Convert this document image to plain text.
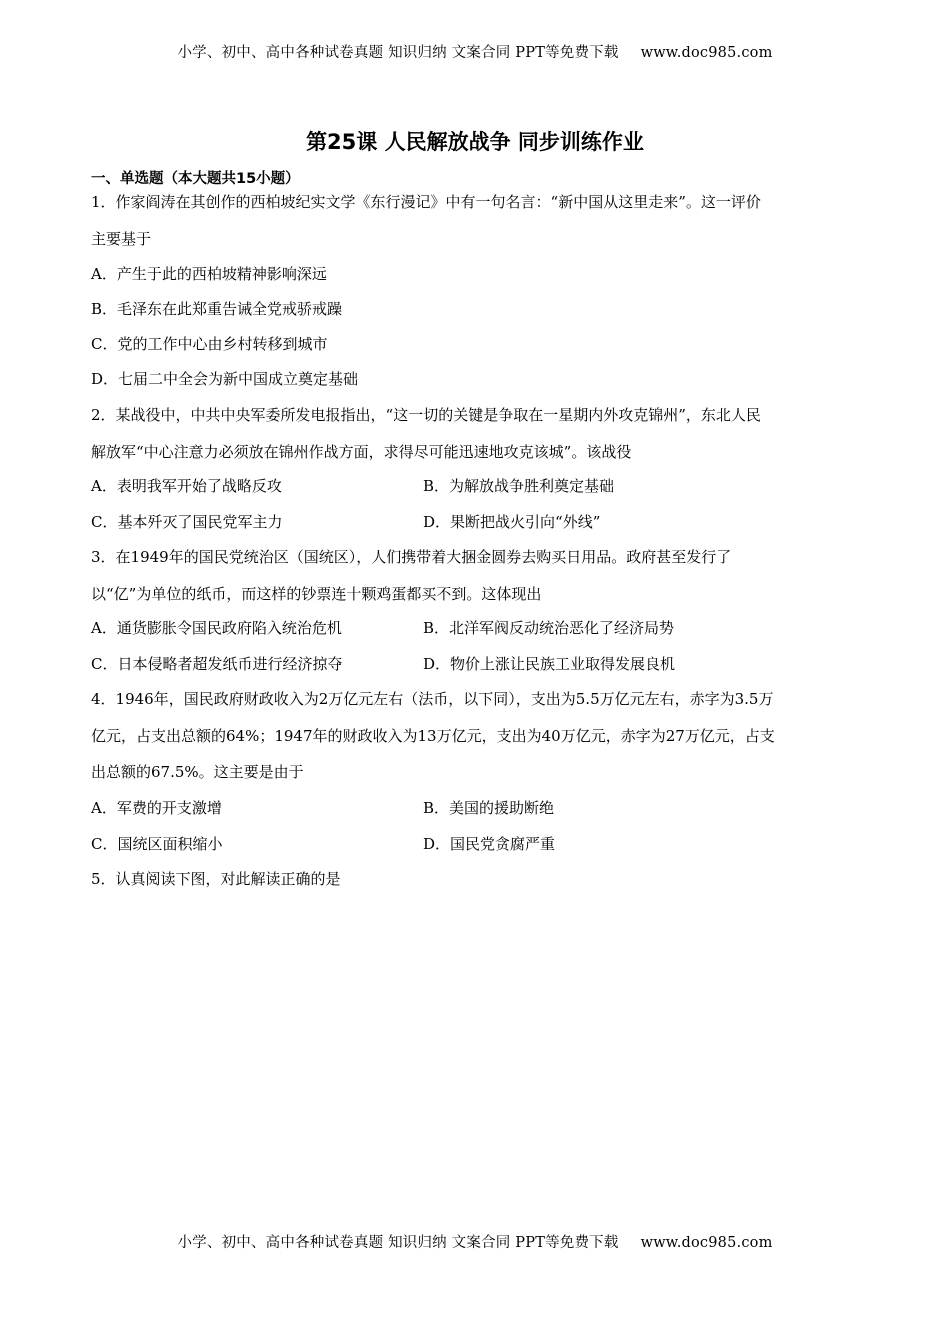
小学、初中、高中各种试卷真题 知识归纳 文案合同 PPT等免费下载 www.doc985.com
第25课 人民解放战争 同步训练作业
一、单选题（本大题共15小题）
1．作家阎涛在其创作的西柏坡纪实文学《东行漫记》中有一句名言：“新中国从这里走来”。这一评价
主要基于
A．产生于此的西柏坡精神影响深远
B．毛泽东在此郑重告诫全党戒骄戒躁
C．党的工作中心由乡村转移到城市
D．七届二中全会为新中国成立奠定基础
2．某战役中，中共中央军委所发电报指出，“这一切的关键是争取在一星期内外攻克锦州”，东北人民
解放军“中心注意力必须放在锦州作战方面，求得尽可能迅速地攻克该城”。该战役
A．表明我军开始了战略反攻	B．为解放战争胜利奠定基础
C．基本歼灭了国民党军主力	D．果断把战火引向“外线”
3．在1949年的国民党统治区（国统区），人们携带着大捆金圆券去购买日用品。政府甚至发行了
以“亿”为单位的纸币，而这样的钞票连十颗鸡蛋都买不到。这体现出
A．通货膨胀令国民政府陷入统治危机	B．北洋军阀反动统治恶化了经济局势
C．日本侵略者超发纸币进行经济掠夺	D．物价上涨让民族工业取得发展良机
4．1946年，国民政府财政收入为2万亿元左右（法币，以下同），支出为5.5万亿元左右，赤字为3.5万
亿元，占支出总额的64%；1947年的财政收入为13万亿元，支出为40万亿元，赤字为27万亿元，占支
出总额的67.5%。这主要是由于
A．军费的开支激增	B．美国的援助断绝
C．国统区面积缩小	D．国民党贪腐严重
5．认真阅读下图，对此解读正确的是
小学、初中、高中各种试卷真题 知识归纳 文案合同 PPT等免费下载 www.doc985.com
